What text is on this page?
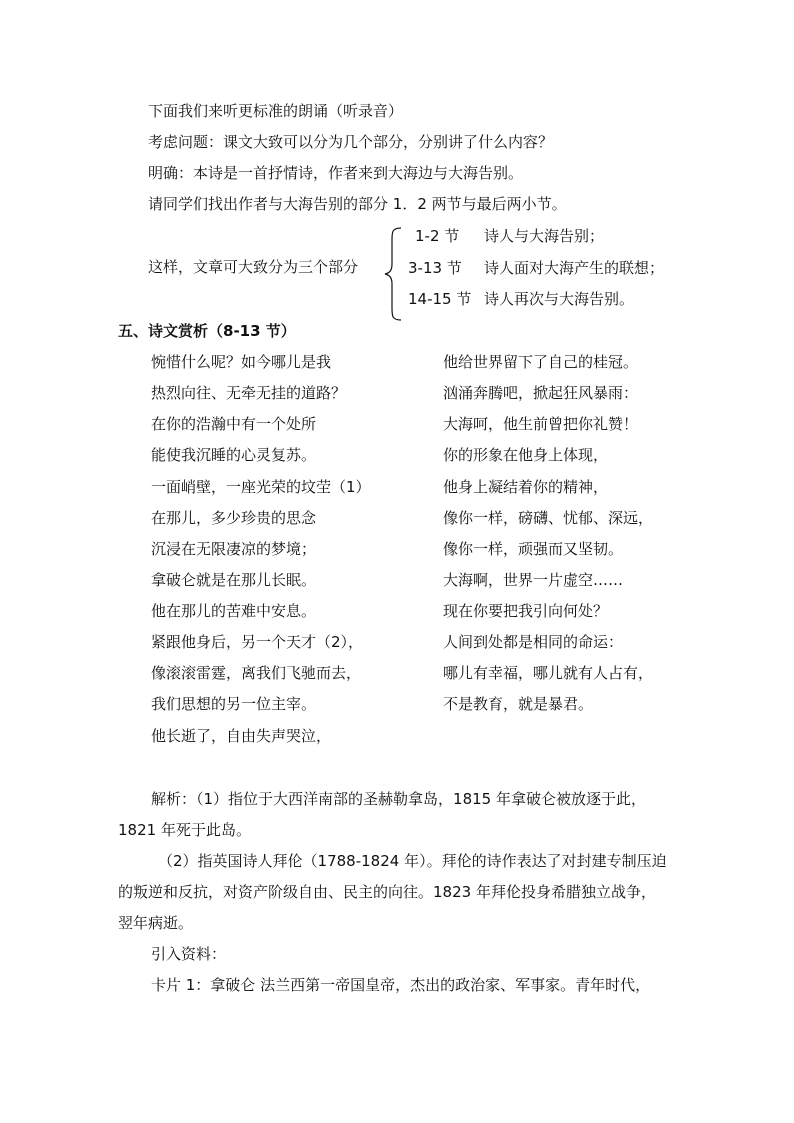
下面我们来听更标准的朗诵（听录音）
考虑问题：课文大致可以分为几个部分，分别讲了什么内容？
明确：本诗是一首抒情诗，作者来到大海边与大海告别。
请同学们找出作者与大海告别的部分 1．2 两节与最后两小节。
这样，文章可大致分为三个部分
1-2 节 诗人与大海告别；
3-13 节 诗人面对大海产生的联想；
14-15 节 诗人再次与大海告别。
五、诗文赏析（8-13 节）
惋惜什么呢？如今哪儿是我
热烈向往、无牵无挂的道路？
在你的浩瀚中有一个处所
能使我沉睡的心灵复苏。
一面峭壁，一座光荣的坟茔（1）
在那儿，多少珍贵的思念
沉浸在无限凄凉的梦境；
拿破仑就是在那儿长眠。
他在那儿的苦难中安息。
紧跟他身后，另一个天才（2），
像滚滚雷霆，离我们飞驰而去，
我们思想的另一位主宰。
他长逝了，自由失声哭泣，
他给世界留下了自己的桂冠。
汹涌奔腾吧，掀起狂风暴雨：
大海呵，他生前曾把你礼赞！
你的形象在他身上体现，
他身上凝结着你的精神，
像你一样，磅礴、忧郁、深远，
像你一样，顽强而又坚韧。
大海啊，世界一片虚空……
现在你要把我引向何处？
人间到处都是相同的命运：
哪儿有幸福，哪儿就有人占有，
不是教育，就是暴君。
解析：（1）指位于大西洋南部的圣赫勒拿岛，1815 年拿破仑被放逐于此，
1821 年死于此岛。
（2）指英国诗人拜伦（1788-1824 年）。拜伦的诗作表达了对封建专制压迫
的叛逆和反抗，对资产阶级自由、民主的向往。1823 年拜伦投身希腊独立战争，
翌年病逝。
引入资料：
卡片 1：拿破仑 法兰西第一帝国皇帝，杰出的政治家、军事家。青年时代，
